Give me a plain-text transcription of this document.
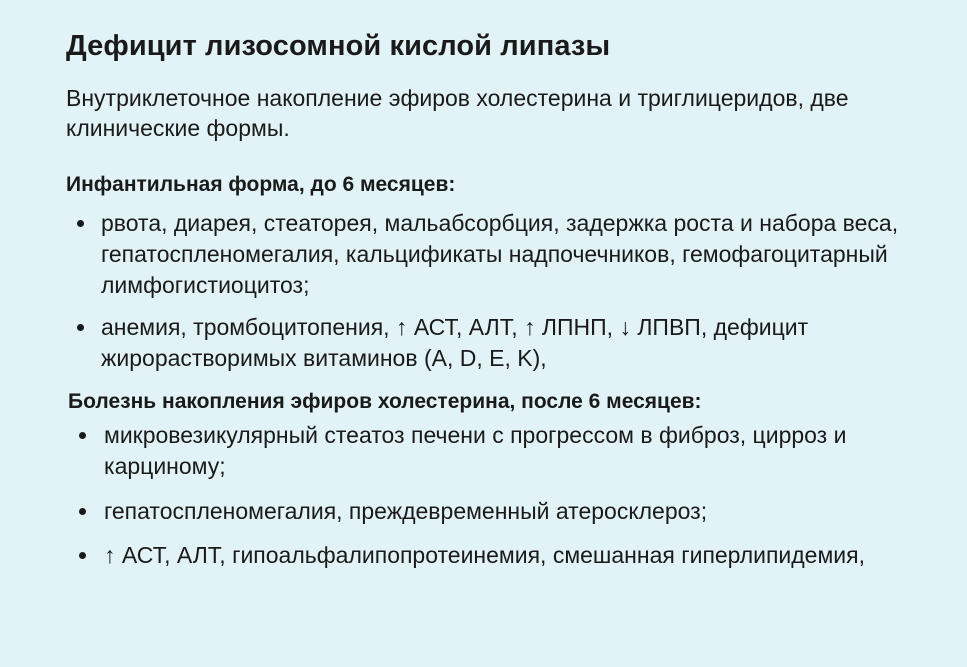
Дефицит лизосомной кислой липазы

Внутриклеточное накопление эфиров холестерина и триглицеридов, две клинические формы.

Инфантильная форма, до 6 месяцев:
рвота, диарея, стеаторея, мальабсорбция, задержка роста и набора веса, гепатоспленомегалия, кальцификаты надпочечников, гемофагоцитарный лимфогистиоцитоз;
анемия, тромбоцитопения, ↑ АСТ, АЛТ, ↑ ЛПНП, ↓ ЛПВП, дефицит жирорастворимых витаминов (A, D, E, K),
Болезнь накопления эфиров холестерина, после 6 месяцев:
микровезикулярный стеатоз печени с прогрессом в фиброз, цирроз и карциному;
гепатоспленомегалия, преждевременный атеросклероз;
↑ АСТ, АЛТ, гипоальфалипопротеинемия, смешанная гиперлипидемия,
